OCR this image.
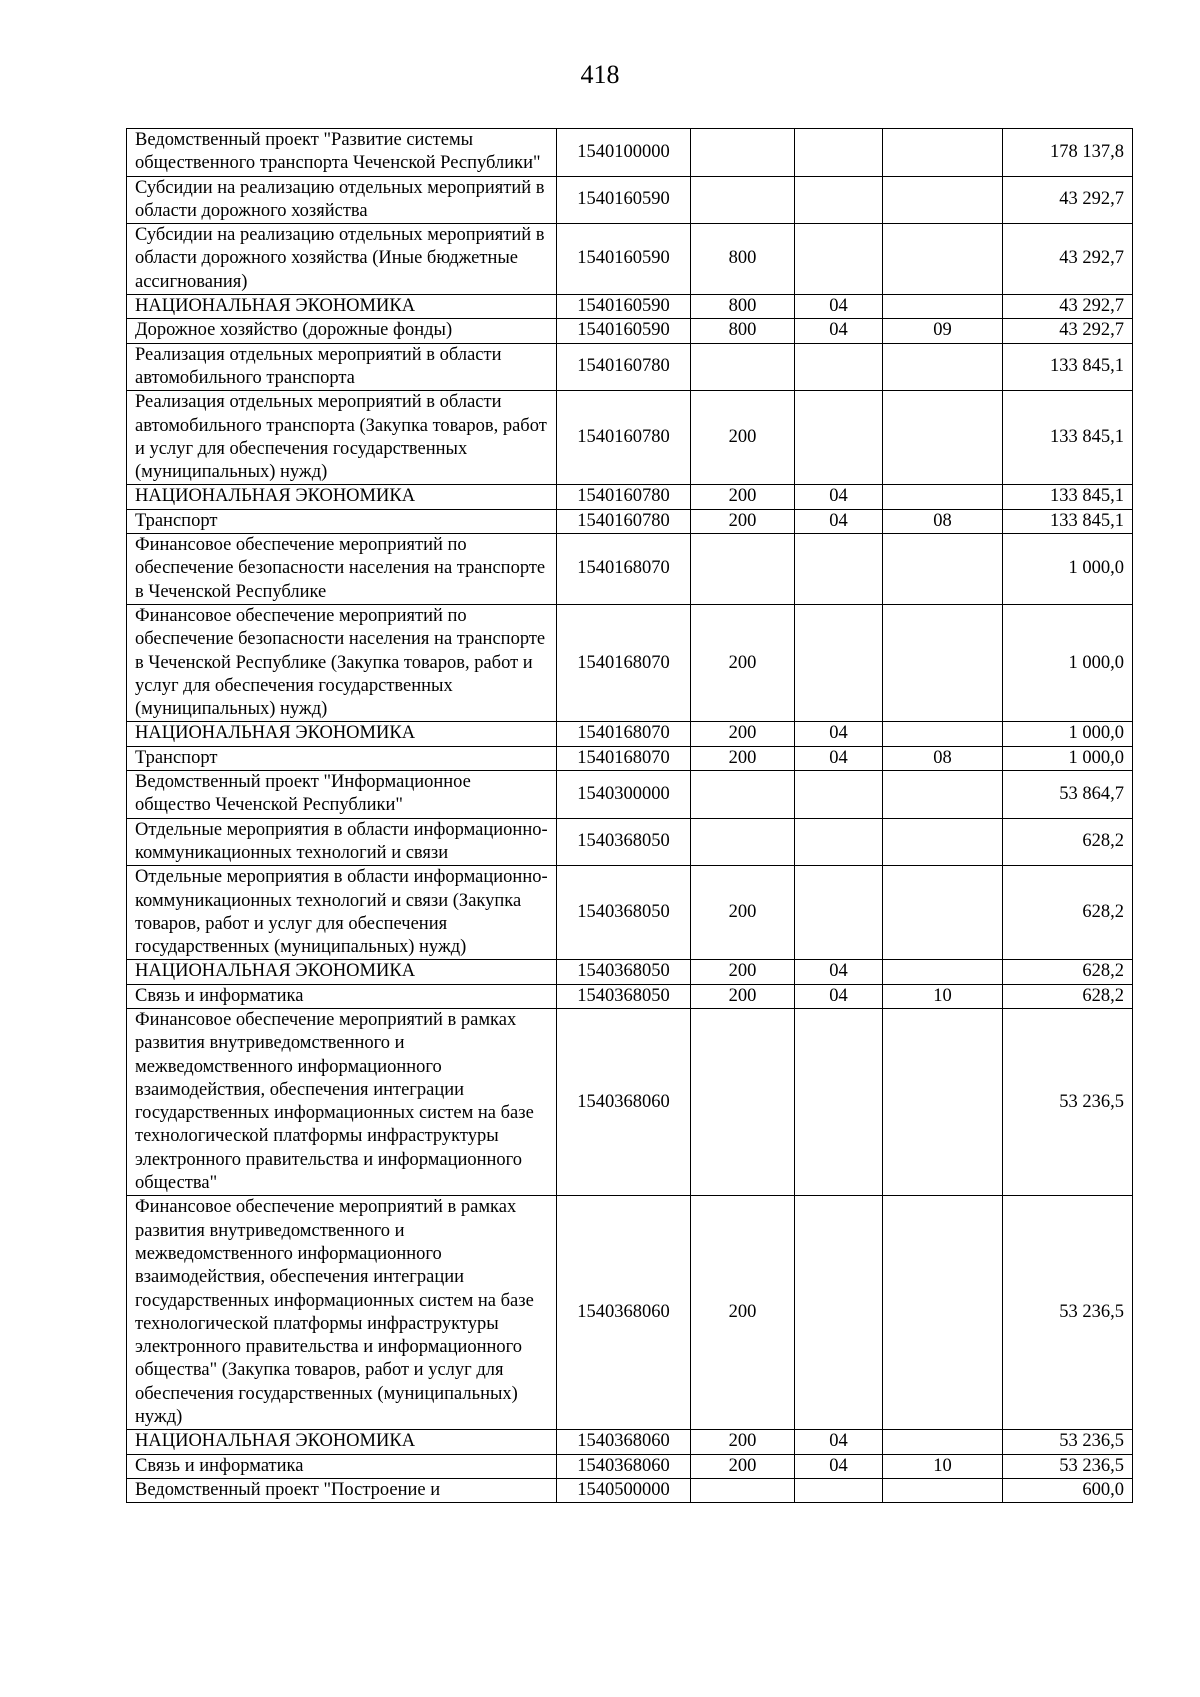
418
Ведомственный проект "Развитие системы общественного транспорта Чеченской Республики"	1540100000				178 137,8
Субсидии на реализацию отдельных мероприятий в области дорожного хозяйства	1540160590				43 292,7
Субсидии на реализацию отдельных мероприятий в области дорожного хозяйства (Иные бюджетные ассигнования)	1540160590	800			43 292,7
НАЦИОНАЛЬНАЯ ЭКОНОМИКА	1540160590	800	04		43 292,7
Дорожное хозяйство (дорожные фонды)	1540160590	800	04	09	43 292,7
Реализация отдельных мероприятий в области автомобильного транспорта	1540160780				133 845,1
Реализация отдельных мероприятий в области автомобильного транспорта (Закупка товаров, работ и услуг для обеспечения государственных (муниципальных) нужд)	1540160780	200			133 845,1
НАЦИОНАЛЬНАЯ ЭКОНОМИКА	1540160780	200	04		133 845,1
Транспорт	1540160780	200	04	08	133 845,1
Финансовое обеспечение мероприятий по обеспечение безопасности населения на транспорте в Чеченской Республике	1540168070				1 000,0
Финансовое обеспечение мероприятий по обеспечение безопасности населения на транспорте в Чеченской Республике (Закупка товаров, работ и услуг для обеспечения государственных (муниципальных) нужд)	1540168070	200			1 000,0
НАЦИОНАЛЬНАЯ ЭКОНОМИКА	1540168070	200	04		1 000,0
Транспорт	1540168070	200	04	08	1 000,0
Ведомственный проект "Информационное общество Чеченской Республики"	1540300000				53 864,7
Отдельные мероприятия в области информационно-коммуникационных технологий и связи	1540368050				628,2
Отдельные мероприятия в области информационно-коммуникационных технологий и связи (Закупка товаров, работ и услуг для обеспечения государственных (муниципальных) нужд)	1540368050	200			628,2
НАЦИОНАЛЬНАЯ ЭКОНОМИКА	1540368050	200	04		628,2
Связь и информатика	1540368050	200	04	10	628,2
Финансовое обеспечение мероприятий в рамках развития внутриведомственного и межведомственного информационного взаимодействия, обеспечения интеграции государственных информационных систем на базе технологической платформы инфраструктуры электронного правительства и информационного общества"	1540368060				53 236,5
Финансовое обеспечение мероприятий в рамках развития внутриведомственного и межведомственного информационного взаимодействия, обеспечения интеграции государственных информационных систем на базе технологической платформы инфраструктуры электронного правительства и информационного общества" (Закупка товаров, работ и услуг для обеспечения государственных (муниципальных) нужд)	1540368060	200			53 236,5
НАЦИОНАЛЬНАЯ ЭКОНОМИКА	1540368060	200	04		53 236,5
Связь и информатика	1540368060	200	04	10	53 236,5
Ведомственный проект "Построение и	1540500000				600,0
